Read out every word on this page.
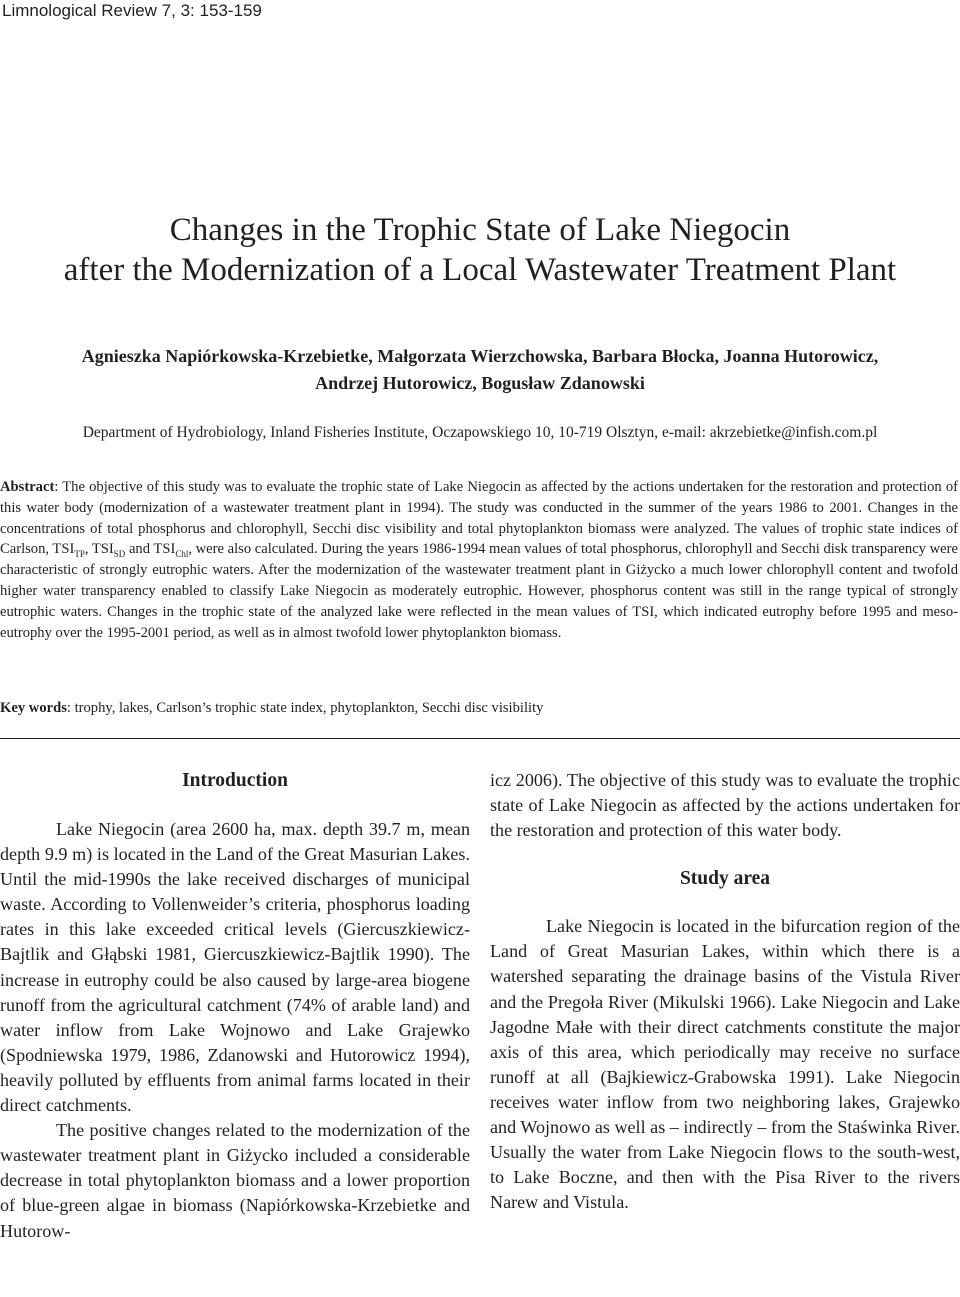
Limnological Review 7, 3: 153-159
Changes in the Trophic State of Lake Niegocin
after the Modernization of a Local Wastewater Treatment Plant
Agnieszka Napiórkowska-Krzebietke, Małgorzata Wierzchowska, Barbara Błocka, Joanna Hutorowicz,
Andrzej Hutorowicz, Bogusław Zdanowski
Department of Hydrobiology, Inland Fisheries Institute, Oczapowskiego 10, 10-719 Olsztyn, e-mail: akrzebietke@infish.com.pl
Abstract: The objective of this study was to evaluate the trophic state of Lake Niegocin as affected by the actions undertaken for the restoration and protection of this water body (modernization of a wastewater treatment plant in 1994). The study was conducted in the summer of the years 1986 to 2001. Changes in the concentrations of total phosphorus and chlorophyll, Secchi disc visibility and total phytoplankton biomass were analyzed. The values of trophic state indices of Carlson, $TSI_{TP}$, $TSI_{SD}$ and $TSI_{Chl}$, were also calculated. During the years 1986-1994 mean values of total phosphorus, chlorophyll and Secchi disk transparency were characteristic of strongly eutrophic waters. After the modernization of the wastewater treatment plant in Giżycko a much lower chlorophyll content and twofold higher water transparency enabled to classify Lake Niegocin as moderately eutrophic. However, phosphorus content was still in the range typical of strongly eutrophic waters. Changes in the trophic state of the analyzed lake were reflected in the mean values of TSI, which indicated eutrophy before 1995 and meso-eutrophy over the 1995-2001 period, as well as in almost twofold lower phytoplankton biomass.
Key words: trophy, lakes, Carlson’s trophic state index, phytoplankton, Secchi disc visibility
Introduction

Lake Niegocin (area 2600 ha, max. depth 39.7 m, mean depth 9.9 m) is located in the Land of the Great Masurian Lakes. Until the mid-1990s the lake received discharges of municipal waste. According to Vollenweider’s criteria, phosphorus loading rates in this lake exceeded critical levels (Giercuszkiewicz-Bajtlik and Głąbski 1981, Giercuszkiewicz-Bajtlik 1990). The increase in eutrophy could be also caused by large-area biogene runoff from the agricultural catchment (74% of arable land) and water inflow from Lake Wojnowo and Lake Grajewko (Spodniewska 1979, 1986, Zdanowski and Hutorowicz 1994), heavily polluted by effluents from animal farms located in their direct catchments.

The positive changes related to the modernization of the wastewater treatment plant in Giżycko included a considerable decrease in total phytoplankton biomass and a lower proportion of blue-green algae in biomass (Napiórkowska-Krzebietke and Hutorow-

icz 2006). The objective of this study was to evaluate the trophic state of Lake Niegocin as affected by the actions undertaken for the restoration and protection of this water body.

Study area

Lake Niegocin is located in the bifurcation region of the Land of Great Masurian Lakes, within which there is a watershed separating the drainage basins of the Vistula River and the Pregoła River (Mikulski 1966). Lake Niegocin and Lake Jagodne Małe with their direct catchments constitute the major axis of this area, which periodically may receive no surface runoff at all (Bajkiewicz-Grabowska 1991). Lake Niegocin receives water inflow from two neighboring lakes, Grajewko and Wojnowo as well as – indirectly – from the Staświnka River. Usually the water from Lake Niegocin flows to the south-west, to Lake Boczne, and then with the Pisa River to the rivers Narew and Vistula.
